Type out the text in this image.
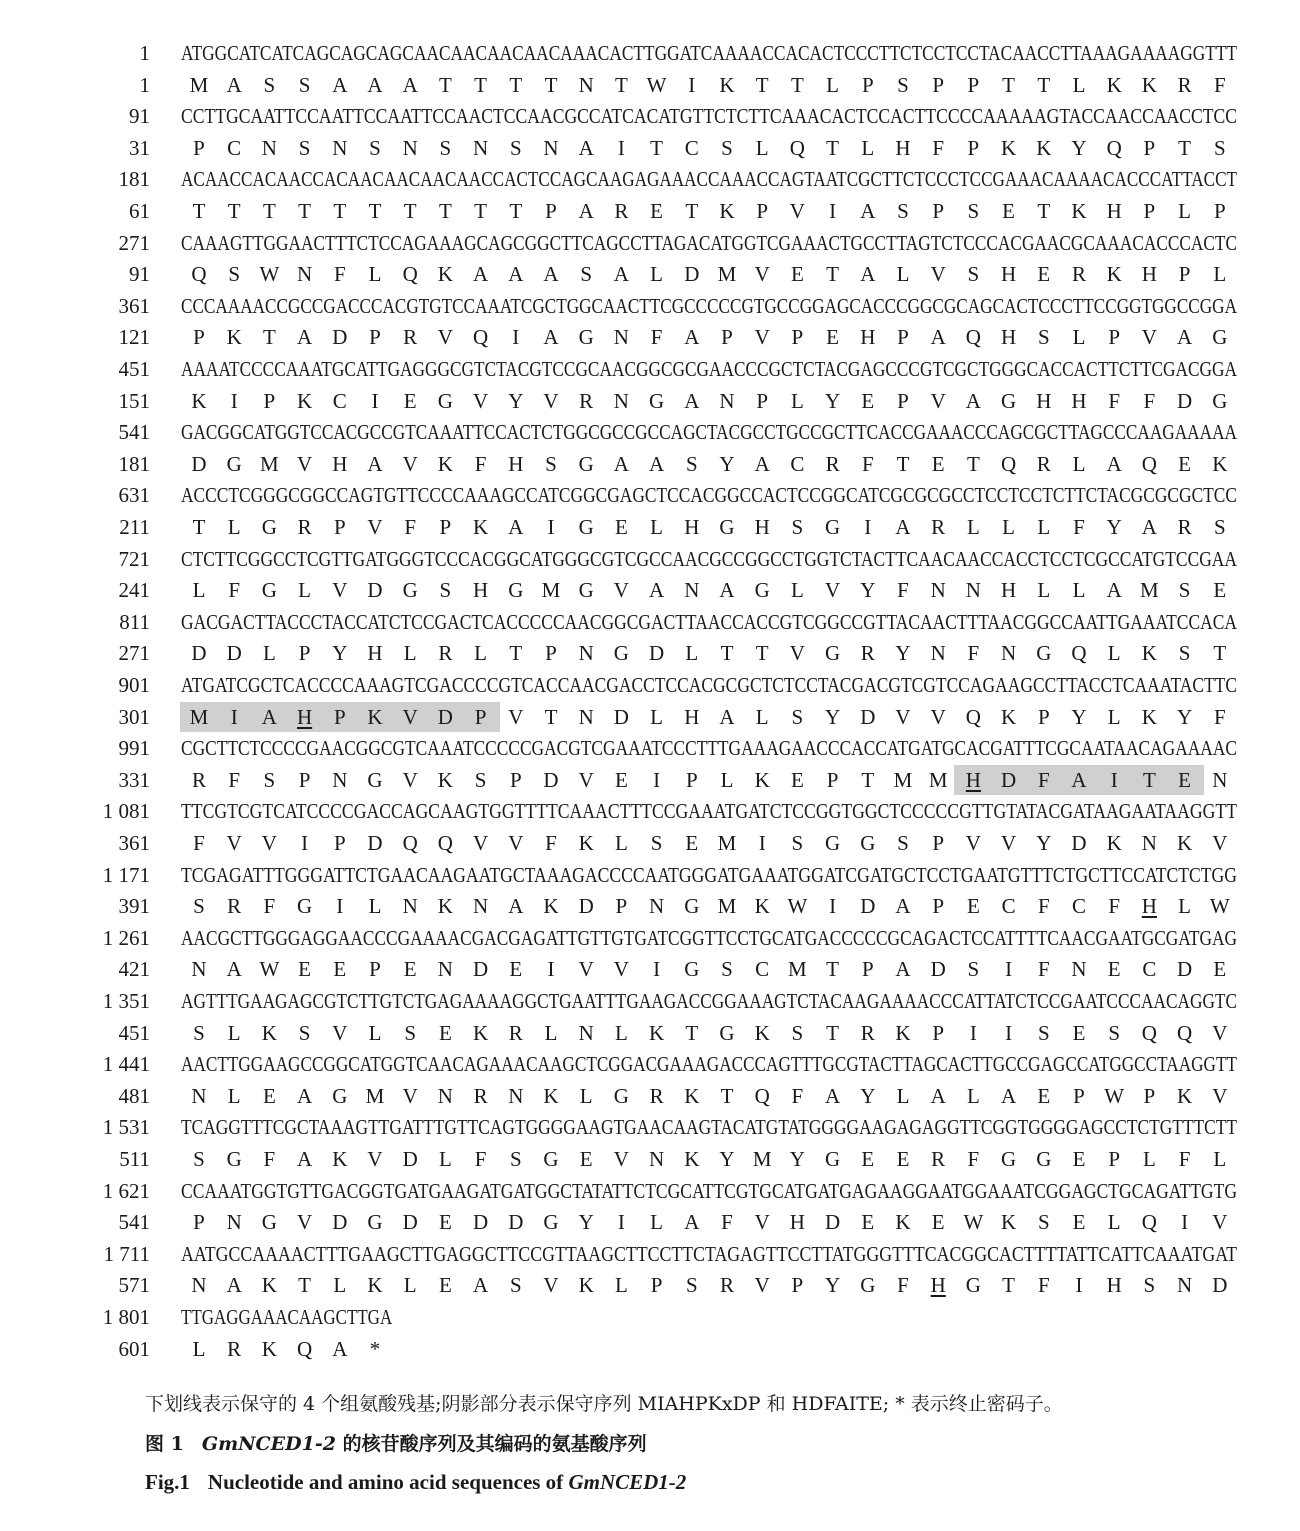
1 ATGGCATCATCAGCAGCAGCAACAACAACAACAAACACTTGGATCAAAACCACACTCCCTTCTCCTCCTACAACCTTAAAGAAAAGGTTT
1 M A	S	S	A A A	T	T	T	T	N	T W	I	K	T	T	L	P	S	P	P	T	T	L	K K R	F
91 CCTTGCAATTCCAATTCCAATTCCAACTCCAACGCCATCACATGTTCTCTTCAAACACTCCACTTCCCCAAAAAGTACCAACCAACCTCC
31	P	C N	S	N	S	N	S	N	S	N A	I	T	C	S	L	Q	T	L	H	F	P	K K Y Q	P	T	S
181 ACAACCACAACCACAACAACAACAACCACTCCAGCAAGAGAAACCAAACCAGTAATCGCTTCTCCCTCCGAAACAAAACACCCATTACCT
61	T	T	T	T	T	T	T	T	T	T	P	A R	E	T	K	P	V	I	A	S	P	S	E	T	K H	P	L	P
271 CAAAGTTGGAACTTTCTCCAGAAAGCAGCGGCTTCAGCCTTAGACATGGTCGAAACTGCCTTAGTCTCCCACGAACGCAAACACCCACTC
91	Q	S W N	F	L	Q K A A A	S	A	L	D M V	E	T	A	L	V	S	H	E	R K H	P	L
361 CCCAAAACCGCCGACCCACGTGTCCAAATCGCTGGCAACTTCGCCCCCGTGCCGGAGCACCCGGCGCAGCACTCCCTTCCGGTGGCCGGA
121	P	K	T	A D	P	R V Q	I	A G N	F	A	P	V	P	E	H	P	A Q H	S	L	P	V A G
451 AAAATCCCCAAATGCATTGAGGGCGTCTACGTCCGCAACGGCGCGAACCCGCTCTACGAGCCCGTCGCTGGGCACCACTTCTTCGACGGA
151	K	I	P	K C	I	E	G V Y V R N G A N	P	L	Y	E	P	V A G H H	F	F	D G
541 GACGGCATGGTCCACGCCGTCAAATTCCACTCTGGCGCCGCCAGCTACGCCTGCCGCTTCACCGAAACCCAGCGCTTAGCCCAAGAAAAA
181	D G M V H A V K	F	H	S	G A A	S	Y A C	R	F	T	E	T	Q R	L	A Q	E	K
631 ACCCTCGGGCGGCCAGTGTTCCCCAAAGCCATCGGCGAGCTCCACGGCCACTCCGGCATCGCGCGCCTCCTCCTCTTCTACGCGCGCTCC
211	T	L	G R	P	V	F	P	K A	I	G	E	L	H G H	S	G	I	A R	L	L	L	F	Y A R	S
721 CTCTTCGGCCTCGTTGATGGGTCCCACGGCATGGGCGTCGCCAACGCCGGCCTGGTCTACTTCAACAACCACCTCCTCGCCATGTCCGAA
241	L	F	G	L	V D G	S	H G M G V A N A G	L	V Y	F	N N H	L	L	A M S	E
811 GACGACTTACCCTACCATCTCCGACTCACCCCCAACGGCGACTTAACCACCGTCGGCCGTTACAACTTTAACGGCCAATTGAAATCCACA
271	D D	L	P	Y H	L	R	L	T	P	N G D	L	T	T	V G R Y N	F	N G Q	L	K	S	T
901 ATGATCGCTCACCCCAAAGTCGACCCCGTCACCAACGACCTCCACGCGCTCTCCTACGACGTCGTCCAGAAGCCTTACCTCAAATACTTC
301 M	I	A H	P	K V D	P	V	T	N D	L	H A	L	S	Y D V V Q K	P	Y	L	K Y	F
991 CGCTTCTCCCCGAACGGCGTCAAATCCCCCGACGTCGAAATCCCTTTGAAAGAACCCACCATGATGCACGATTTCGCAATAACAGAAAAC
331	R	F	S	P	N G V K	S	P	D V	E	I	P	L	K	E	P	T M M H D	F	A	I	T	E	N
1 081 TTCGTCGTCATCCCCGACCAGCAAGTGGTTTTCAAACTTTCCGAAATGATCTCCGGTGGCTCCCCCGTTGTATACGATAAGAATAAGGTT
361	F	V V	I	P	D Q Q V V	F	K	L	S	E M	I	S	G G	S	P	V V Y D K N K V
1 171 TCGAGATTTGGGATTCTGAACAAGAATGCTAAAGACCCCAATGGGATGAAATGGATCGATGCTCCTGAATGTTTCTGCTTCCATCTCTGG
391	S	R	F	G	I	L	N K N A K D	P	N G M K W	I	D A	P	E	C	F	C	F	H	L W
1 261 AACGCTTGGGAGGAACCCGAAAACGACGAGATTGTTGTGATCGGTTCCTGCATGACCCCCGCAGACTCCATTTTCAACGAATGCGATGAG
421	N A W E	E	P	E	N D	E	I	V V	I	G	S	C M T	P	A D	S	I	F	N	E	C D	E
1 351 AGTTTGAAGAGCGTCTTGTCTGAGAAAAGGCTGAATTTGAAGACCGGAAAGTCTACAAGAAAACCCATTATCTCCGAATCCCAACAGGTC
451	S	L	K	S	V	L	S	E	K R	L	N	L	K	T	G K	S	T	R K	P	I	I	S	E	S	Q Q V
1 441 AACTTGGAAGCCGGCATGGTCAACAGAAACAAGCTCGGACGAAAGACCCAGTTTGCGTACTTAGCACTTGCCGAGCCATGGCCTAAGGTT
481	N	L	E	A G M V N R N K	L	G R K	T	Q	F	A Y	L	A	L	A	E	P W P	K V
1 531 TCAGGTTTCGCTAAAGTTGATTTGTTCAGTGGGGAAGTGAACAAGTACATGTATGGGGAAGAGAGGTTCGGTGGGGAGCCTCTGTTTCTT
511	S	G	F	A K V D	L	F	S	G	E	V N K Y M Y G	E	E	R	F	G G	E	P	L	F	L
1 621 CCAAATGGTGTTGACGGTGATGAAGATGATGGCTATATTCTCGCATTCGTGCATGATGAGAAGGAATGGAAATCGGAGCTGCAGATTGTG
541	P	N G V D G D	E	D D G Y	I	L	A	F	V H D	E	K	E W K	S	E	L	Q	I	V
1 711 AATGCCAAAACTTTGAAGCTTGAGGCTTCCGTTAAGCTTCCTTCTAGAGTTCCTTATGGGTTTCACGGCACTTTTATTCATTCAAATGAT
571	N A K	T	L	K	L	E	A	S	V K	L	P	S	R V	P	Y G	F	H G	T	F	I	H	S	N D
1 801 TTGAGGAAACAAGCTTGA
601	L	R K Q A	*
下划线表示保守的 4 个组氨酸残基;阴影部分表示保守序列 MIAHPKxDP 和 HDFAITE; * 表示终止密码子。
图 1 GmNCED1-2 的核苷酸序列及其编码的氨基酸序列
Fig.1 Nucleotide and amino acid sequences of GmNCED1-2
